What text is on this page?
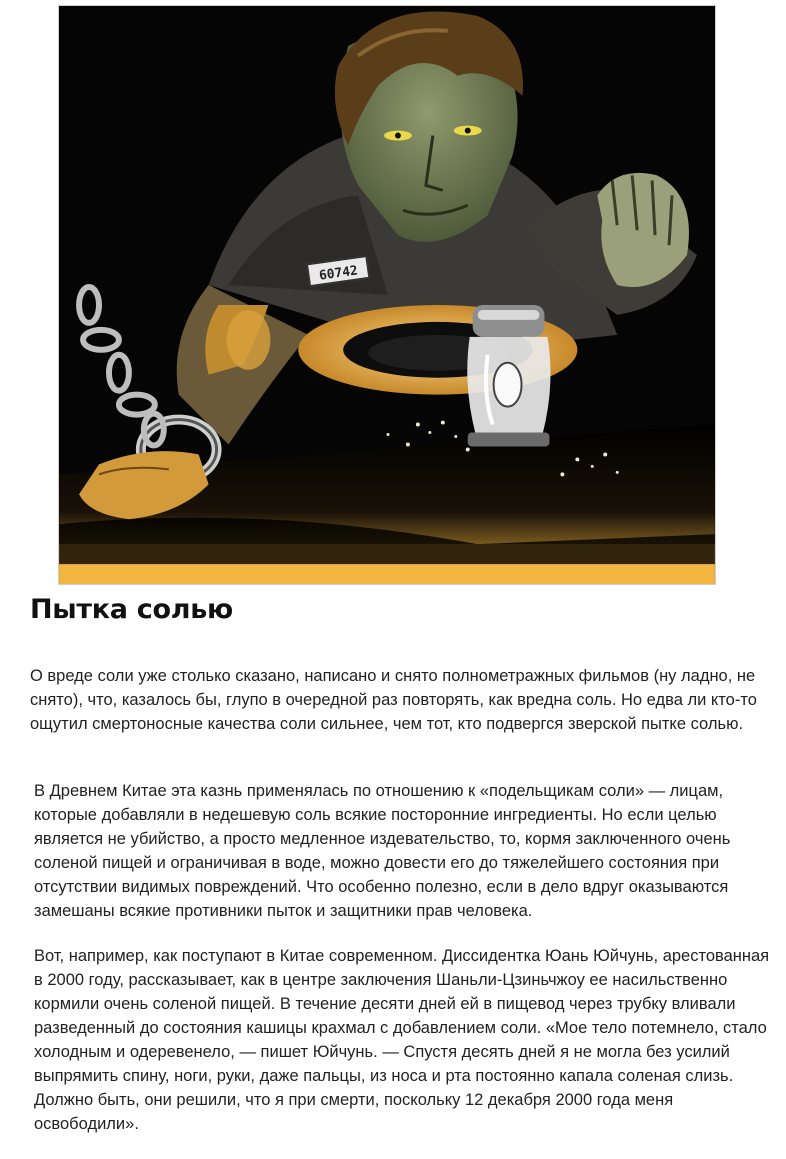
60742
Пытка солью

О вреде соли уже столько сказано, написано и снято полнометражных фильмов (ну ладно, не снято), что, казалось бы, глупо в очередной раз повторять, как вредна соль. Но едва ли кто-то ощутил смертоносные качества соли сильнее, чем тот, кто подвергся зверской пытке солью.

В Древнем Китае эта казнь применялась по отношению к «подельщикам соли» — лицам, которые добавляли в недешевую соль всякие посторонние ингредиенты. Но если целью является не убийство, а просто медленное издевательство, то, кормя заключенного очень соленой пищей и ограничивая в воде, можно довести его до тяжелейшего состояния при отсутствии видимых повреждений. Что особенно полезно, если в дело вдруг оказываются замешаны всякие противники пыток и защитники прав человека.

Вот, например, как поступают в Китае современном. Диссидентка Юань Юйчунь, арестованная в 2000 году, рассказывает, как в центре заключения Шаньли-Цзиньчжоу ее насильственно кормили очень соленой пищей. В течение десяти дней ей в пищевод через трубку вливали разведенный до состояния кашицы крахмал с добавлением соли. «Мое тело потемнело, стало холодным и одеревенело, — пишет Юйчунь. — Спустя десять дней я не могла без усилий выпрямить спину, ноги, руки, даже пальцы, из носа и рта постоянно капала соленая слизь. Должно быть, они решили, что я при смерти, поскольку 12 декабря 2000 года меня освободили».
